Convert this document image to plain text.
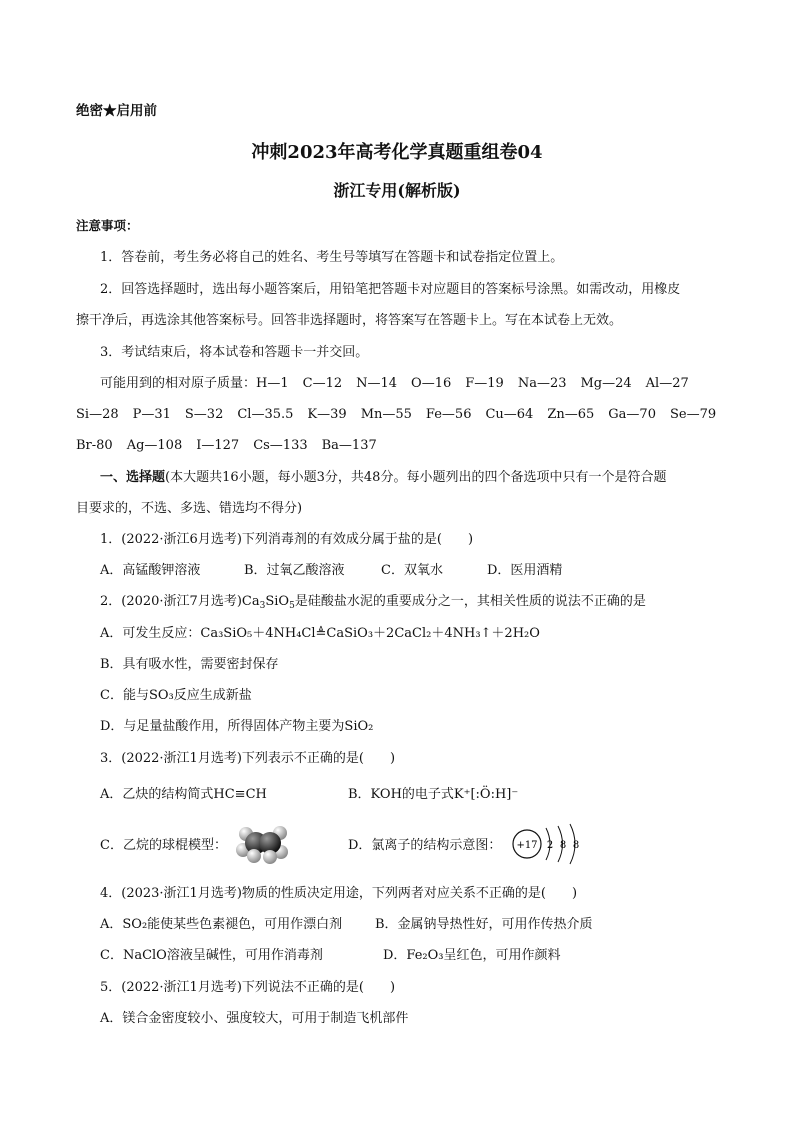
绝密★启用前
冲刺2023年高考化学真题重组卷04
浙江专用(解析版)
注意事项：
1．答卷前，考生务必将自己的姓名、考生号等填写在答题卡和试卷指定位置上。
2．回答选择题时，选出每小题答案后，用铅笔把答题卡对应题目的答案标号涂黑。如需改动，用橡皮
擦干净后，再选涂其他答案标号。回答非选择题时，将答案写在答题卡上。写在本试卷上无效。
3．考试结束后，将本试卷和答题卡一并交回。
可能用到的相对原子质量：H—1 C—12 N—14 O—16 F—19 Na—23 Mg—24 Al—27
Si—28 P—31 S—32 Cl—35.5 K—39 Mn—55 Fe—56 Cu—64 Zn—65 Ga—70 Se—79
Br-80 Ag—108 I—127 Cs—133 Ba—137
一、选择题(本大题共16小题，每小题3分，共48分。每小题列出的四个备选项中只有一个是符合题
目要求的，不选、多选、错选均不得分)
1．(2022·浙江6月选考)下列消毒剂的有效成分属于盐的是(　　)
A．高锰酸钾溶液	B．过氧乙酸溶液	C．双氧水	D．医用酒精
2．(2020·浙江7月选考)$Ca_3SiO_5$是硅酸盐水泥的重要成分之一，其相关性质的说法不正确的是
A．可发生反应：Ca₃SiO₅＋4NH₄Cl≜CaSiO₃＋2CaCl₂＋4NH₃↑＋2H₂O
B．具有吸水性，需要密封保存
C．能与SO₃反应生成新盐
D．与足量盐酸作用，所得固体产物主要为SiO₂
3．(2022·浙江1月选考)下列表示不正确的是(　　)
A．乙炔的结构简式HC≡CH	B．KOH的电子式K⁺[:Ö:H]⁻
C．乙烷的球棍模型：	D．氯离子的结构示意图： +17 2 8 8
4．(2023·浙江1月选考)物质的性质决定用途，下列两者对应关系不正确的是(　　)
A．SO₂能使某些色素褪色，可用作漂白剂	B．金属钠导热性好，可用作传热介质
C．NaClO溶液呈碱性，可用作消毒剂	D．Fe₂O₃呈红色，可用作颜料
5．(2022·浙江1月选考)下列说法不正确的是(　　)
A．镁合金密度较小、强度较大，可用于制造飞机部件
